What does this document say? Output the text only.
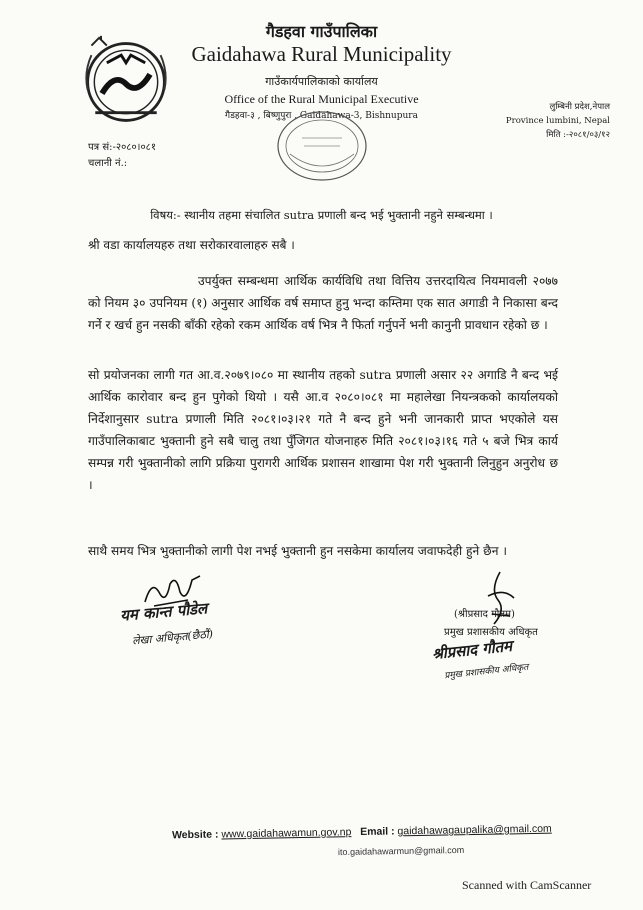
गैडहवा गाउँपालिका
Gaidahawa Rural Municipality
गाउँकार्यपालिकाको कार्यालय
Office of the Rural Municipal Executive
गैडहवा-३ , बिष्णुपुरा , Gaidahawa-3, Bishnupura
लुम्बिनी प्रदेश,नेपाल
Province lumbini, Nepal
मिति :-२०८१/०३/१२
पत्र सं:-२०८०।०८१
चलानी नं.:
विषय:- स्थानीय तहमा संचालित sutra प्रणाली बन्द भई भुक्तानी नहुने सम्बन्धमा ।
श्री वडा कार्यालयहरु तथा सरोकारवालाहरु सबै ।
उपर्युक्त सम्बन्धमा आर्थिक कार्यविधि तथा वित्तिय उत्तरदायित्व नियमावली २०७७ को नियम ३० उपनियम (१) अनुसार आर्थिक वर्ष समाप्त हुनु भन्दा कम्तिमा एक सात अगाडी नै निकासा बन्द गर्ने र खर्च हुन नसकी बाँकी रहेको रकम आर्थिक वर्ष भित्र नै फिर्ता गर्नुपर्ने भनी कानुनी प्रावधान रहेको छ ।
सो प्रयोजनका लागी गत आ.व.२०७९।०८० मा स्थानीय तहको sutra प्रणाली असार २२ अगाडि नै बन्द भई आर्थिक कारोवार बन्द हुन पुगेको थियो । यसै आ.व २०८०।०८१ मा महालेखा नियन्त्रकको कार्यालयको निर्देशानुसार sutra प्रणाली मिति २०८१।०३।२१ गते नै बन्द हुने भनी जानकारी प्राप्त भएकोले यस गाउँपालिकाबाट भुक्तानी हुने सबै चालु तथा पुँजिगत योजनाहरु मिति २०८१।०३।१६ गते ५ बजे भित्र कार्य सम्पन्न गरी भुक्तानीको लागि प्रक्रिया पुरागरी आर्थिक प्रशासन शाखामा पेश गरी भुक्तानी लिनुहुन अनुरोध छ ।
साथै समय भित्र भुक्तानीको लागी पेश नभई भुक्तानी हुन नसकेमा कार्यालय जवाफदेही हुने छैन ।
यम कान्त पौडेल
लेखा अधिकृत(छैठौं)
(श्रीप्रसाद गौतम)
प्रमुख प्रशासकीय अधिकृत
श्रीप्रसाद गौतम
प्रमुख प्रशासकीय अधिकृत
Website : www.gaidahawamun.gov.np Email : gaidahawagaupalika@gmail.com
ito.gaidahawarmun@gmail.com
Scanned with CamScanner
